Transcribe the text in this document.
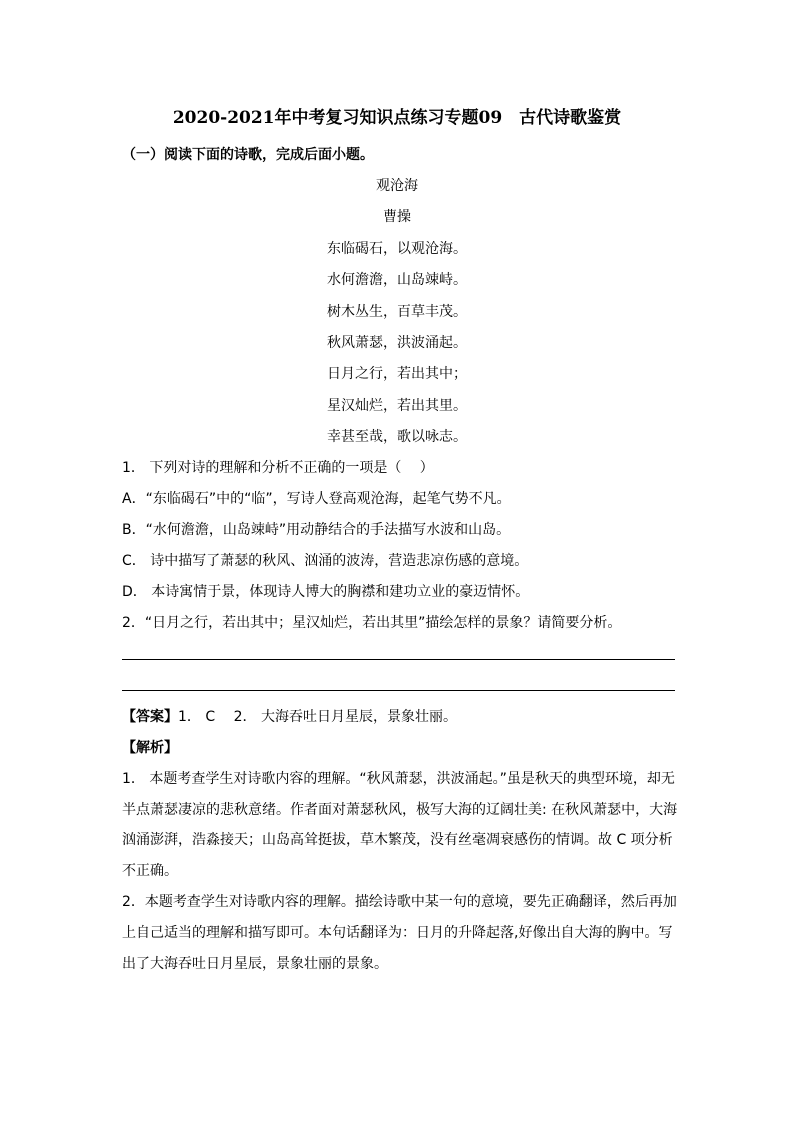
2020-2021年中考复习知识点练习专题09　古代诗歌鉴赏
（一）阅读下面的诗歌，完成后面小题。
观沧海
曹操
东临碣石，以观沧海。
水何澹澹，山岛竦峙。
树木丛生，百草丰茂。
秋风萧瑟，洪波涌起。
日月之行，若出其中；
星汉灿烂，若出其里。
幸甚至哉，歌以咏志。
1． 下列对诗的理解和分析不正确的一项是（　 ）
A．“东临碣石”中的“临”，写诗人登高观沧海，起笔气势不凡。
B．“水何澹澹，山岛竦峙”用动静结合的手法描写水波和山岛。
C． 诗中描写了萧瑟的秋风、汹涌的波涛，营造悲凉伤感的意境。
D． 本诗寓情于景，体现诗人博大的胸襟和建功立业的豪迈情怀。
2．“日月之行，若出其中；星汉灿烂，若出其里”描绘怎样的景象？请简要分析。
【答案】1． C　 2． 大海吞吐日月星辰，景象壮丽。
【解析】
1． 本题考查学生对诗歌内容的理解。“秋风萧瑟，洪波涌起。”虽是秋天的典型环境，却无
半点萧瑟凄凉的悲秋意绪。作者面对萧瑟秋风，极写大海的辽阔壮美: 在秋风萧瑟中，大海
汹涌澎湃，浩淼接天；山岛高耸挺拔，草木繁茂，没有丝毫凋衰感伤的情调。故 C 项分析
不正确。
2．本题考查学生对诗歌内容的理解。描绘诗歌中某一句的意境，要先正确翻译，然后再加
上自己适当的理解和描写即可。本句话翻译为：日月的升降起落,好像出自大海的胸中。写
出了大海吞吐日月星辰，景象壮丽的景象。
